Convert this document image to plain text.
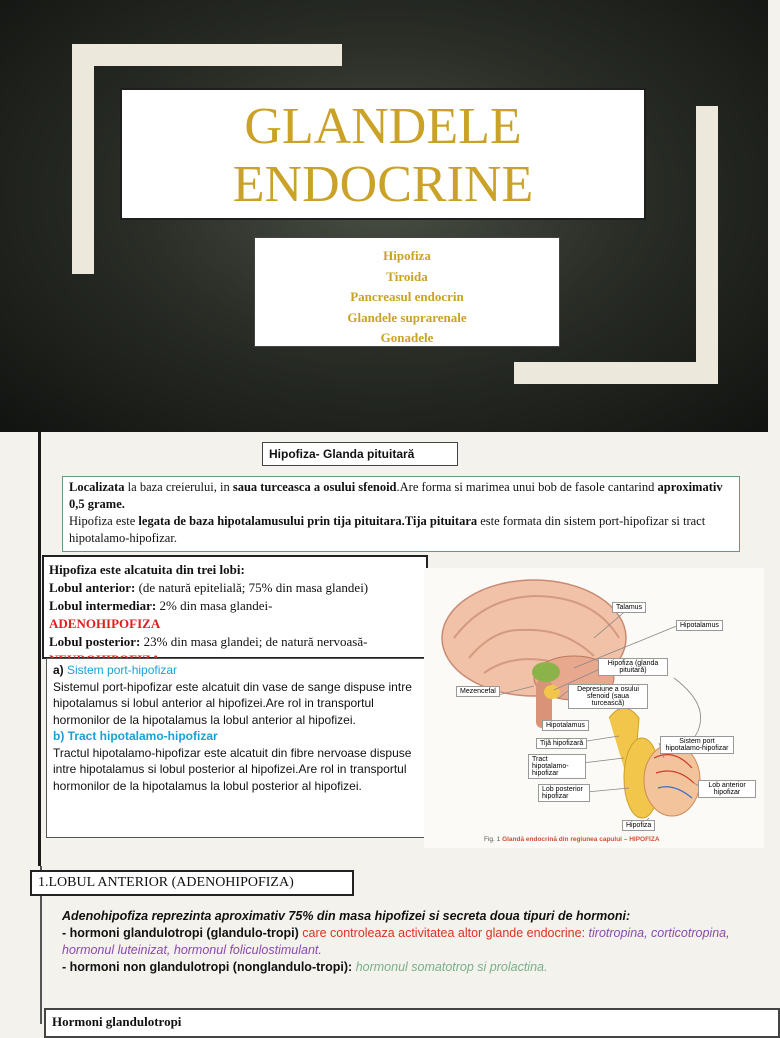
GLANDELE
ENDOCRINE
Hipofiza
Tiroida
Pancreasul endocrin
Glandele suprarenale
Gonadele
Hipofiza- Glanda pituitară
Localizata la baza creierului, in saua turceasca a osului sfenoid.Are forma si marimea unui bob de fasole cantarind aproximativ 0,5 grame.
Hipofiza este legata de baza hipotalamusului prin tija pituitara.Tija pituitara este formata din sistem port-hipofizar si tract hipotalamo-hipofizar.
Hipofiza este alcatuita din trei lobi:
Lobul anterior: (de natură epitelială; 75% din masa glandei)
Lobul intermediar: 2% din masa glandei-
ADENOHIPOFIZA
Lobul posterior: 23% din masa glandei; de natură nervoasă-

a) Sistem port-hipofizar
Sistemul port-hipofizar este alcatuit din vase de sange dispuse intre hipotalamus si lobul anterior al hipofizei.Are rol in transportul hormonilor de la hipotalamus la lobul anterior al hipofizei.
b) Tract hipotalamo-hipofizar
Tractul hipotalamo-hipofizar este alcatuit din fibre nervoase dispuse intre hipotalamus si lobul posterior al hipofizei.Are rol in transportul hormonilor de la hipotalamus la lobul posterior al hipofizei.
Talamus
Hipotalamus
Hipofiza (glanda pituitară)
Mezencefal	Depresiune a osului sfenoid (saua turcească)
Hipotalamus
Tijă hipofizară
Tract hipotalamo-hipofizar
Lob posterior hipofizar
Sistem port hipotalamo-hipofizar
Lob anterior hipofizar
Hipofiza
Fig. 1 Glandă endocrină din regiunea capului – HIPOFIZA
1.LOBUL ANTERIOR (ADENOHIPOFIZA)
Adenohipofiza reprezinta aproximativ 75% din masa hipofizei si secreta doua tipuri de hormoni:
- hormoni glandulotropi (glandulo-tropi) care controleaza activitatea altor glande endocrine: tirotropina, corticotropina, hormonul luteinizat, hormonul foliculostimulant.
- hormoni non glandulotropi (nonglandulo-tropi): hormonul somatotrop si prolactina.
Hormoni glandulotropi
